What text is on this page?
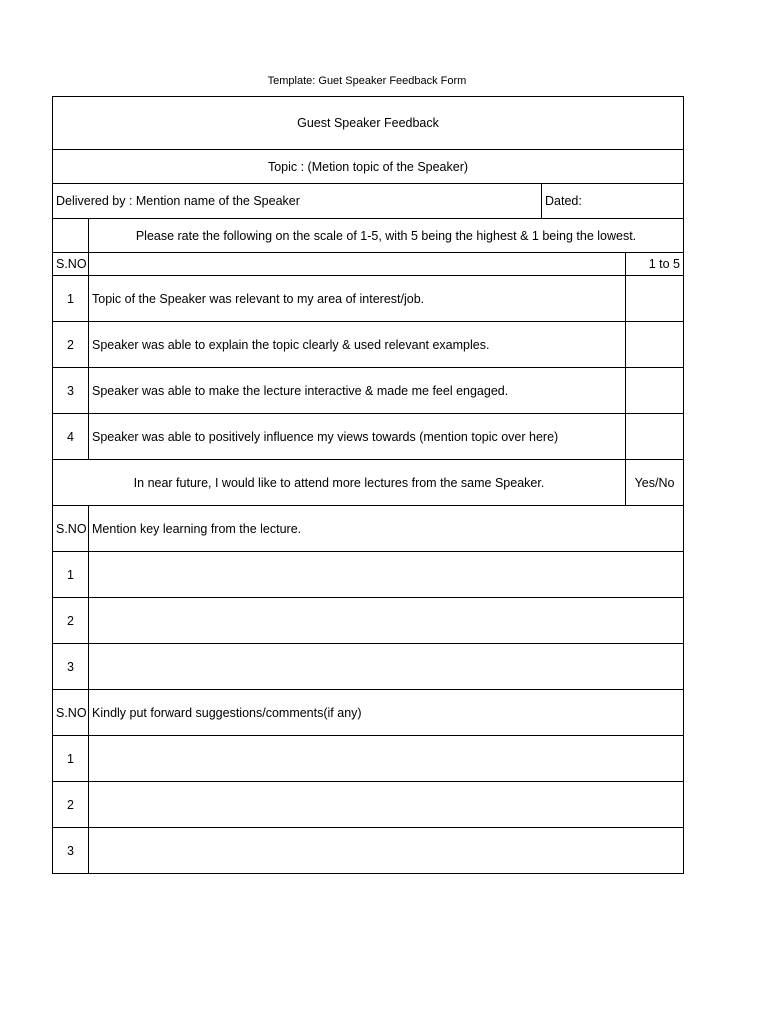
Template: Guet Speaker Feedback Form
Guest Speaker Feedback			
Topic : (Metion topic of the Speaker)			
Delivered by : Mention name of the Speaker		Dated:	
	Please rate the following on the scale of 1-5, with 5 being the highest & 1 being the lowest.		
S.NO			1 to 5
1	Topic of the Speaker was relevant to my area of interest/job.		
2	Speaker was able to explain the topic clearly & used relevant examples.		
3	Speaker was able to make the lecture interactive & made me feel engaged.		
4	Speaker was able to positively influence my views towards (mention topic over here)		
In near future, I would like to attend more lectures from the same Speaker.			Yes/No
S.NO	Mention key learning from the lecture.		
1			
2			
3			
S.NO	Kindly put forward suggestions/comments(if any)		
1			
2			
3			
